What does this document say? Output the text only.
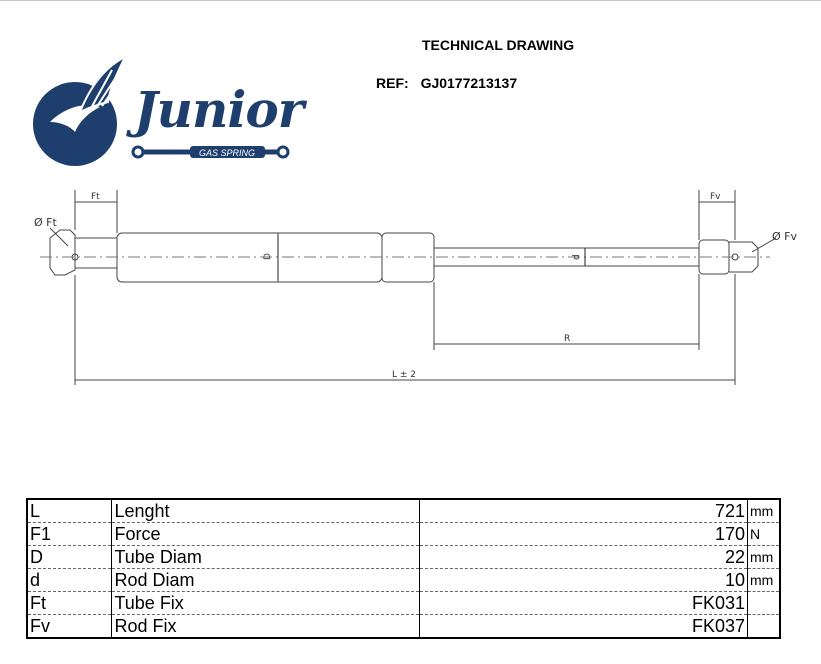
GAS SPRING
Junior
TECHNICAL DRAWING
REF: GJ0177213137
Ft	Fv
Ø Ft
Ø Fv
D	d
R
L ± 2
L	Lenght	721	mm
F1	Force	170	N
D	Tube Diam	22	mm
d	Rod Diam	10	mm
Ft	Tube Fix	FK031	
Fv	Rod Fix	FK037	
